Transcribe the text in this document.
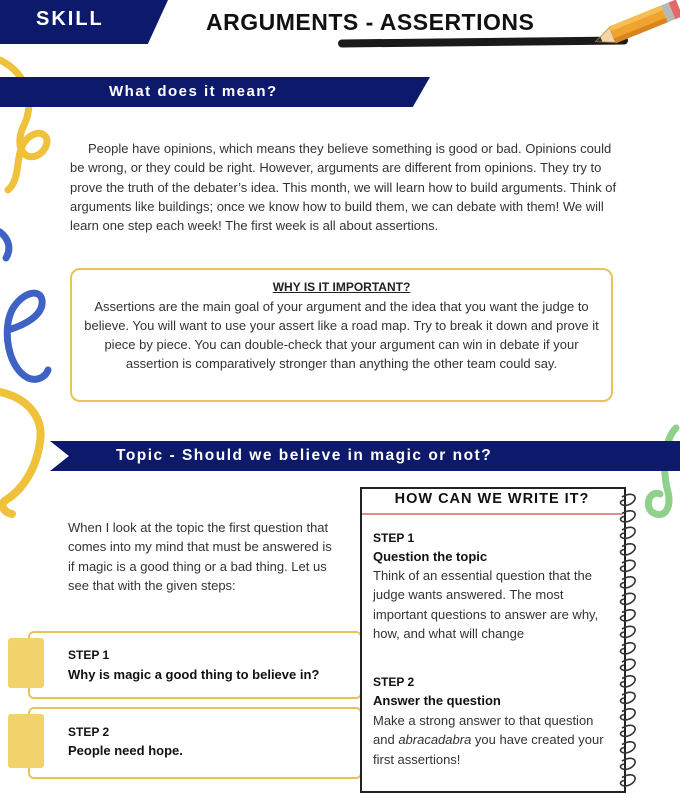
SKILL	ARGUMENTS - ASSERTIONS
What does it mean?
People have opinions, which means they believe something is good or bad. Opinions could be wrong, or they could be right. However, arguments are different from opinions. They try to prove the truth of the debater’s idea. This month, we will learn how to build arguments. Think of arguments like buildings; once we know how to build them, we can debate with them! We will learn one step each week! The first week is all about assertions.
WHY IS IT IMPORTANT?
Assertions are the main goal of your argument and the idea that you want the judge to believe. You will want to use your assert like a road map. Try to break it down and prove it piece by piece. You can double-check that your argument can win in debate if your assertion is comparatively stronger than anything the other team could say.
Topic - Should we believe in magic or not?
When I look at the topic the first question that comes into my mind that must be answered is if magic is a good thing or a bad thing. Let us see that with the given steps:
STEP 1
Why is magic a good thing to believe in?
STEP 2
People need hope.
HOW CAN WE WRITE IT?
STEP 1
Question the topic
Think of an essential question that the judge wants answered. The most important questions to answer are why, how, and what will change
STEP 2
Answer the question
Make a strong answer to that question and abracadabra you have created your first assertions!
